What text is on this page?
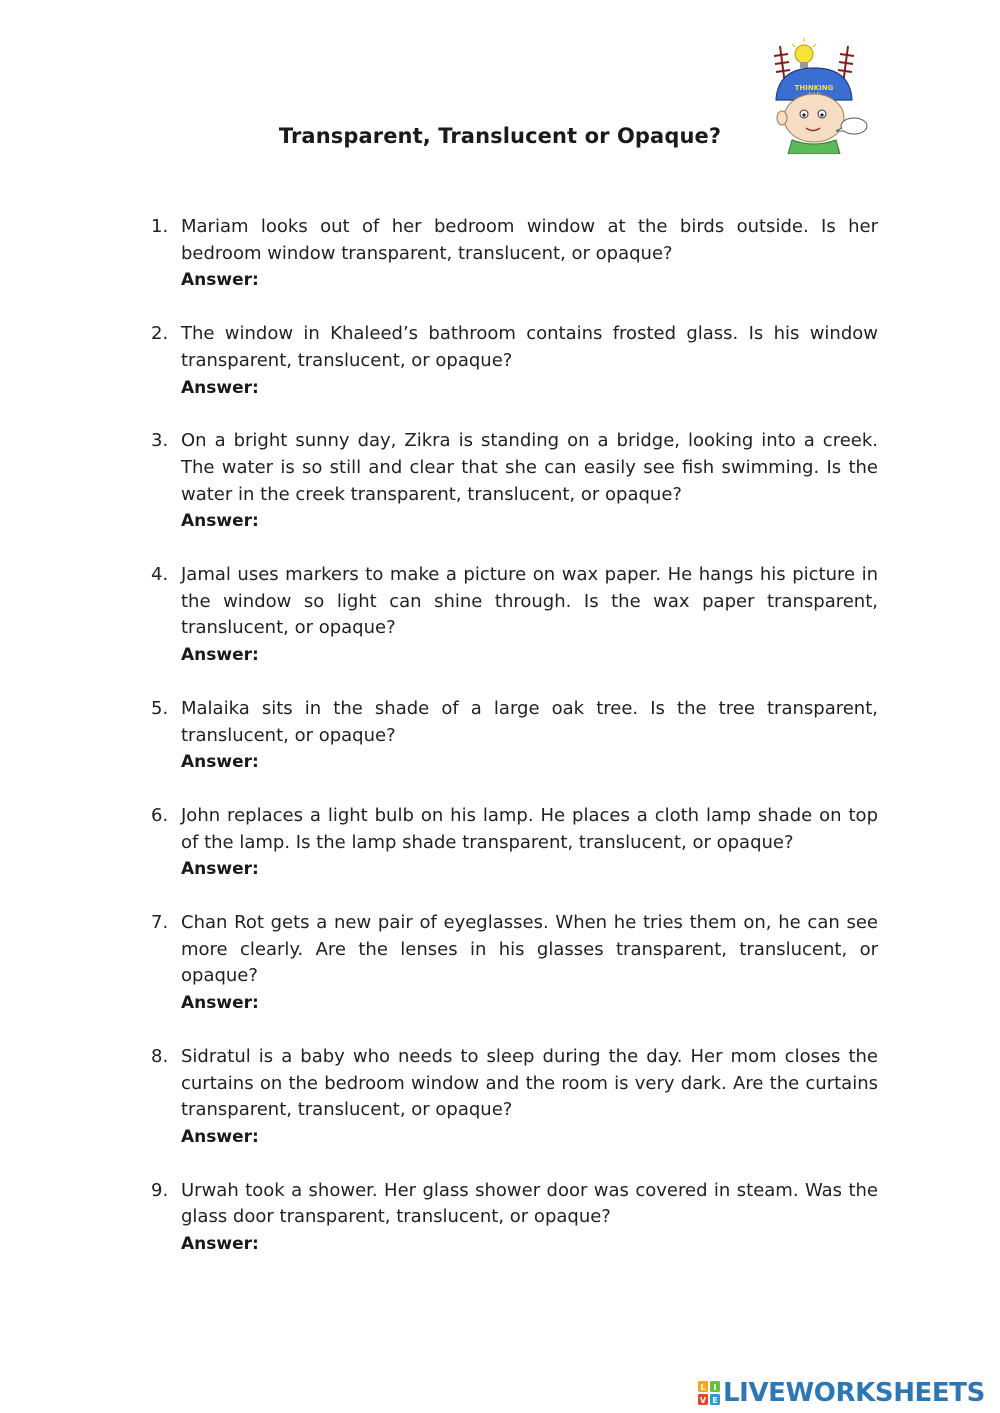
THINKING
Transparent, Translucent or Opaque?
1. Mariam looks out of her bedroom window at the birds outside. Is her bedroom window transparent, translucent, or opaque?
Answer:
2. The window in Khaleed’s bathroom contains frosted glass. Is his window transparent, translucent, or opaque?
Answer:
3. On a bright sunny day, Zikra is standing on a bridge, looking into a creek. The water is so still and clear that she can easily see fish swimming. Is the water in the creek transparent, translucent, or opaque?
Answer:
4. Jamal uses markers to make a picture on wax paper. He hangs his picture in the window so light can shine through. Is the wax paper transparent, translucent, or opaque?
Answer:
5. Malaika sits in the shade of a large oak tree. Is the tree transparent, translucent, or opaque?
Answer:
6. John replaces a light bulb on his lamp. He places a cloth lamp shade on top of the lamp. Is the lamp shade transparent, translucent, or opaque?
Answer:
7. Chan Rot gets a new pair of eyeglasses. When he tries them on, he can see more clearly. Are the lenses in his glasses transparent, translucent, or opaque?
Answer:
8. Sidratul is a baby who needs to sleep during the day. Her mom closes the curtains on the bedroom window and the room is very dark. Are the curtains transparent, translucent, or opaque?
Answer:
9. Urwah took a shower. Her glass shower door was covered in steam. Was the glass door transparent, translucent, or opaque?
Answer:
L I
V E LIVEWORKSHEETS
